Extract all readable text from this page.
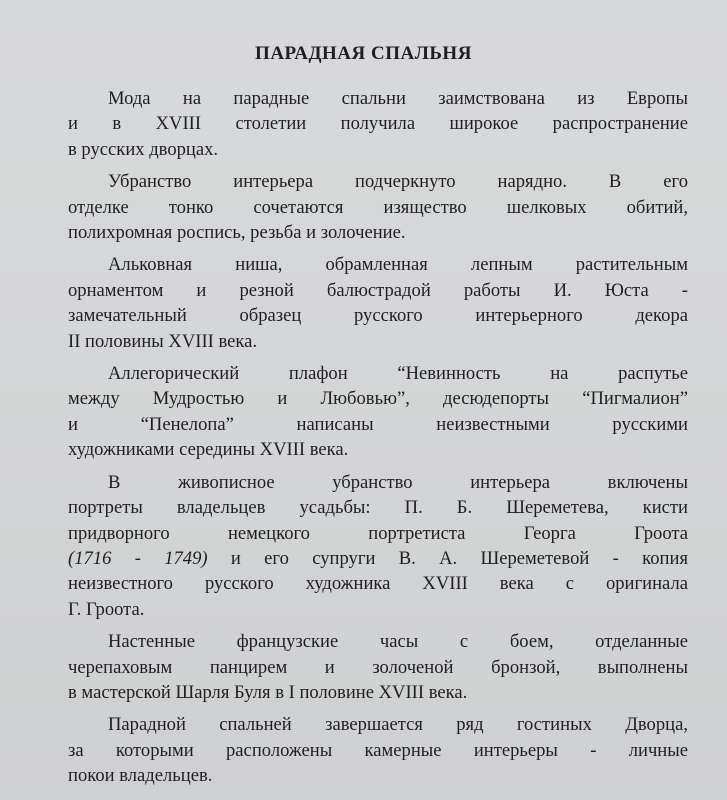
ПАРАДНАЯ СПАЛЬНЯ

Мода на парадные спальни заимствована из Европы
и в XVIII столетии получила широкое распространение
в русских дворцах.

Убранство интерьера подчеркнуто нарядно. В его
отделке тонко сочетаются изящество шелковых обитий,
полихромная роспись, резьба и золочение.

Альковная ниша, обрамленная лепным растительным
орнаментом и резной балюстрадой работы И. Юста -
замечательный образец русского интерьерного декора
II половины XVIII века.

Аллегорический плафон “Невинность на распутье
между Мудростью и Любовью”, десюдепорты “Пигмалион”
и “Пенелопа” написаны неизвестными русскими
художниками середины XVIII века.

В живописное убранство интерьера включены
портреты владельцев усадьбы: П. Б. Шереметева, кисти
придворного немецкого портретиста Георга Гроота
(1716 - 1749) и его супруги В. А. Шереметевой - копия
неизвестного русского художника XVIII века с оригинала
Г. Гроота.

Настенные французские часы с боем, отделанные
черепаховым панцирем и золоченой бронзой, выполнены
в мастерской Шарля Буля в I половине XVIII века.

Парадной спальней завершается ряд гостиных Дворца,
за которыми расположены камерные интерьеры - личные
покои владельцев.
